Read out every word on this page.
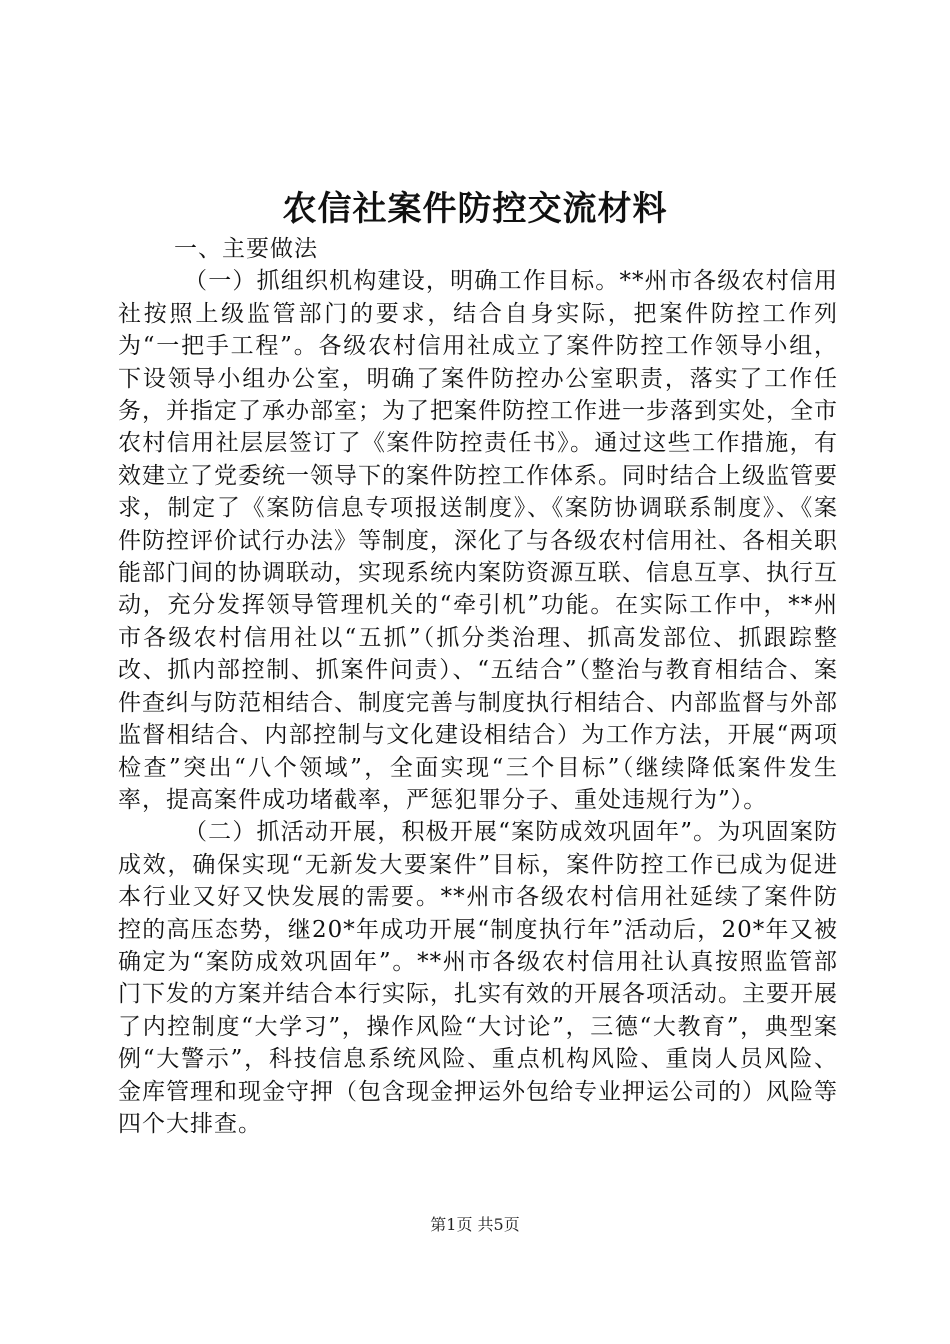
农信社案件防控交流材料

一、主要做法

（一）抓组织机构建设，明确工作目标。**州市各级农村信用社按照上级监管部门的要求，结合自身实际，把案件防控工作列为“一把手工程”。各级农村信用社成立了案件防控工作领导小组，下设领导小组办公室，明确了案件防控办公室职责，落实了工作任务，并指定了承办部室；为了把案件防控工作进一步落到实处，全市农村信用社层层签订了《案件防控责任书》。通过这些工作措施，有效建立了党委统一领导下的案件防控工作体系。同时结合上级监管要求，制定了《案防信息专项报送制度》、《案防协调联系制度》、《案件防控评价试行办法》等制度，深化了与各级农村信用社、各相关职能部门间的协调联动，实现系统内案防资源互联、信息互享、执行互动，充分发挥领导管理机关的“牵引机”功能。在实际工作中，**州市各级农村信用社以“五抓”（抓分类治理、抓高发部位、抓跟踪整改、抓内部控制、抓案件问责）、“五结合”（整治与教育相结合、案件查纠与防范相结合、制度完善与制度执行相结合、内部监督与外部监督相结合、内部控制与文化建设相结合）为工作方法，开展“两项检查”突出“八个领域”，全面实现“三个目标”（继续降低案件发生率，提高案件成功堵截率，严惩犯罪分子、重处违规行为”）。

（二）抓活动开展，积极开展“案防成效巩固年”。为巩固案防成效，确保实现“无新发大要案件”目标，案件防控工作已成为促进本行业又好又快发展的需要。**州市各级农村信用社延续了案件防控的高压态势，继20*年成功开展“制度执行年”活动后，20*年又被确定为“案防成效巩固年”。**州市各级农村信用社认真按照监管部门下发的方案并结合本行实际，扎实有效的开展各项活动。主要开展了内控制度“大学习”，操作风险“大讨论”，三德“大教育”，典型案例“大警示”，科技信息系统风险、重点机构风险、重岗人员风险、金库管理和现金守押（包含现金押运外包给专业押运公司的）风险等四个大排查。

第1页 共5页
